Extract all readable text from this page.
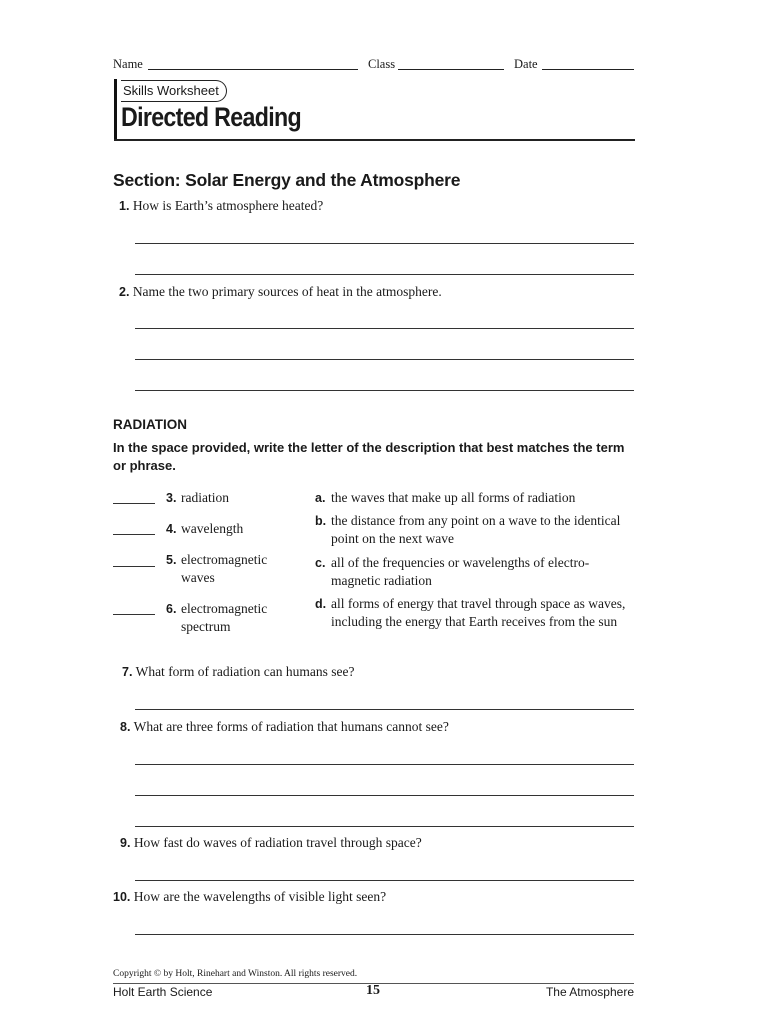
Name	Class	Date
Skills Worksheet
Directed Reading
Section: Solar Energy and the Atmosphere
1. How is Earth’s atmosphere heated?
2. Name the two primary sources of heat in the atmosphere.
RADIATION
In the space provided, write the letter of the description that best matches the term or phrase.
3. radiation
4. wavelength
5. electromagnetic waves
6. electromagnetic spectrum
a. the waves that make up all forms of radiation
b. the distance from any point on a wave to the identical point on the next wave
c. all of the frequencies or wavelengths of electro-magnetic radiation
d. all forms of energy that travel through space as waves, including the energy that Earth receives from the sun
7. What form of radiation can humans see?
8. What are three forms of radiation that humans cannot see?
9. How fast do waves of radiation travel through space?
10. How are the wavelengths of visible light seen?
Copyright © by Holt, Rinehart and Winston. All rights reserved.
Holt Earth Science	15	The Atmosphere
